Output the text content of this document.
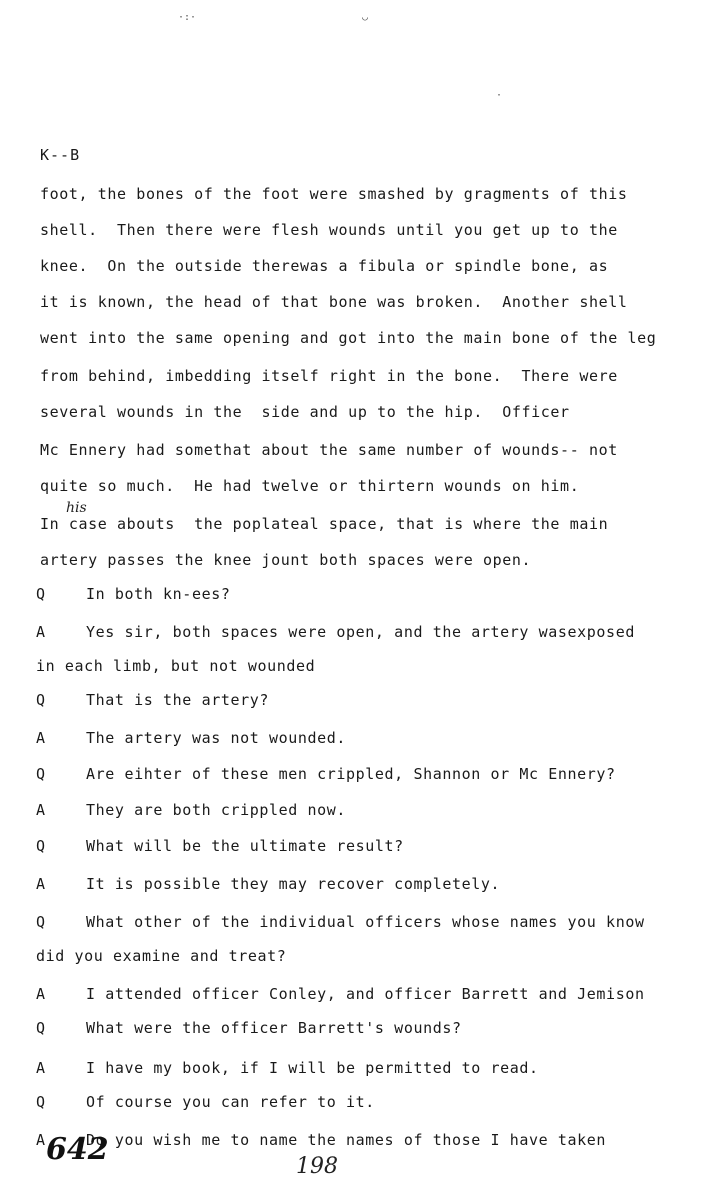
·:·	◡
·
K--B
foot, the bones of the foot were smashed by gragments of this
shell.  Then there were flesh wounds until you get up to the
knee.  On the outside therewas a fibula or spindle bone, as
it is known, the head of that bone was broken.  Another shell
went into the same opening and got into the main bone of the leg
from behind, imbedding itself right in the bone.  There were
several wounds in the  side and up to the hip.  Officer
Mc Ennery had somethat about the same number of wounds-- not
quite so much.  He had twelve or thirtern wounds on him.
his
In case abouts  the poplateal space, that is where the main
artery passes the knee jount both spaces were open.
Q	In both kn-ees?
A	Yes sir, both spaces were open, and the artery wasexposed
in each limb, but not wounded
Q	That is the artery?
A	The artery was not wounded.
Q	Are eihter of these men crippled, Shannon or Mc Ennery?
A	They are both crippled now.
Q	What will be the ultimate result?
A	It is possible they may recover completely.
Q	What other of the individual officers whose names you know
did you examine and treat?
A	I attended officer Conley, and officer Barrett and Jemison
Q	What were the officer Barrett's wounds?
A	I have my book, if I will be permitted to read.
Q	Of course you can refer to it.
A	Do you wish me to name the names of those I have taken
642	198
